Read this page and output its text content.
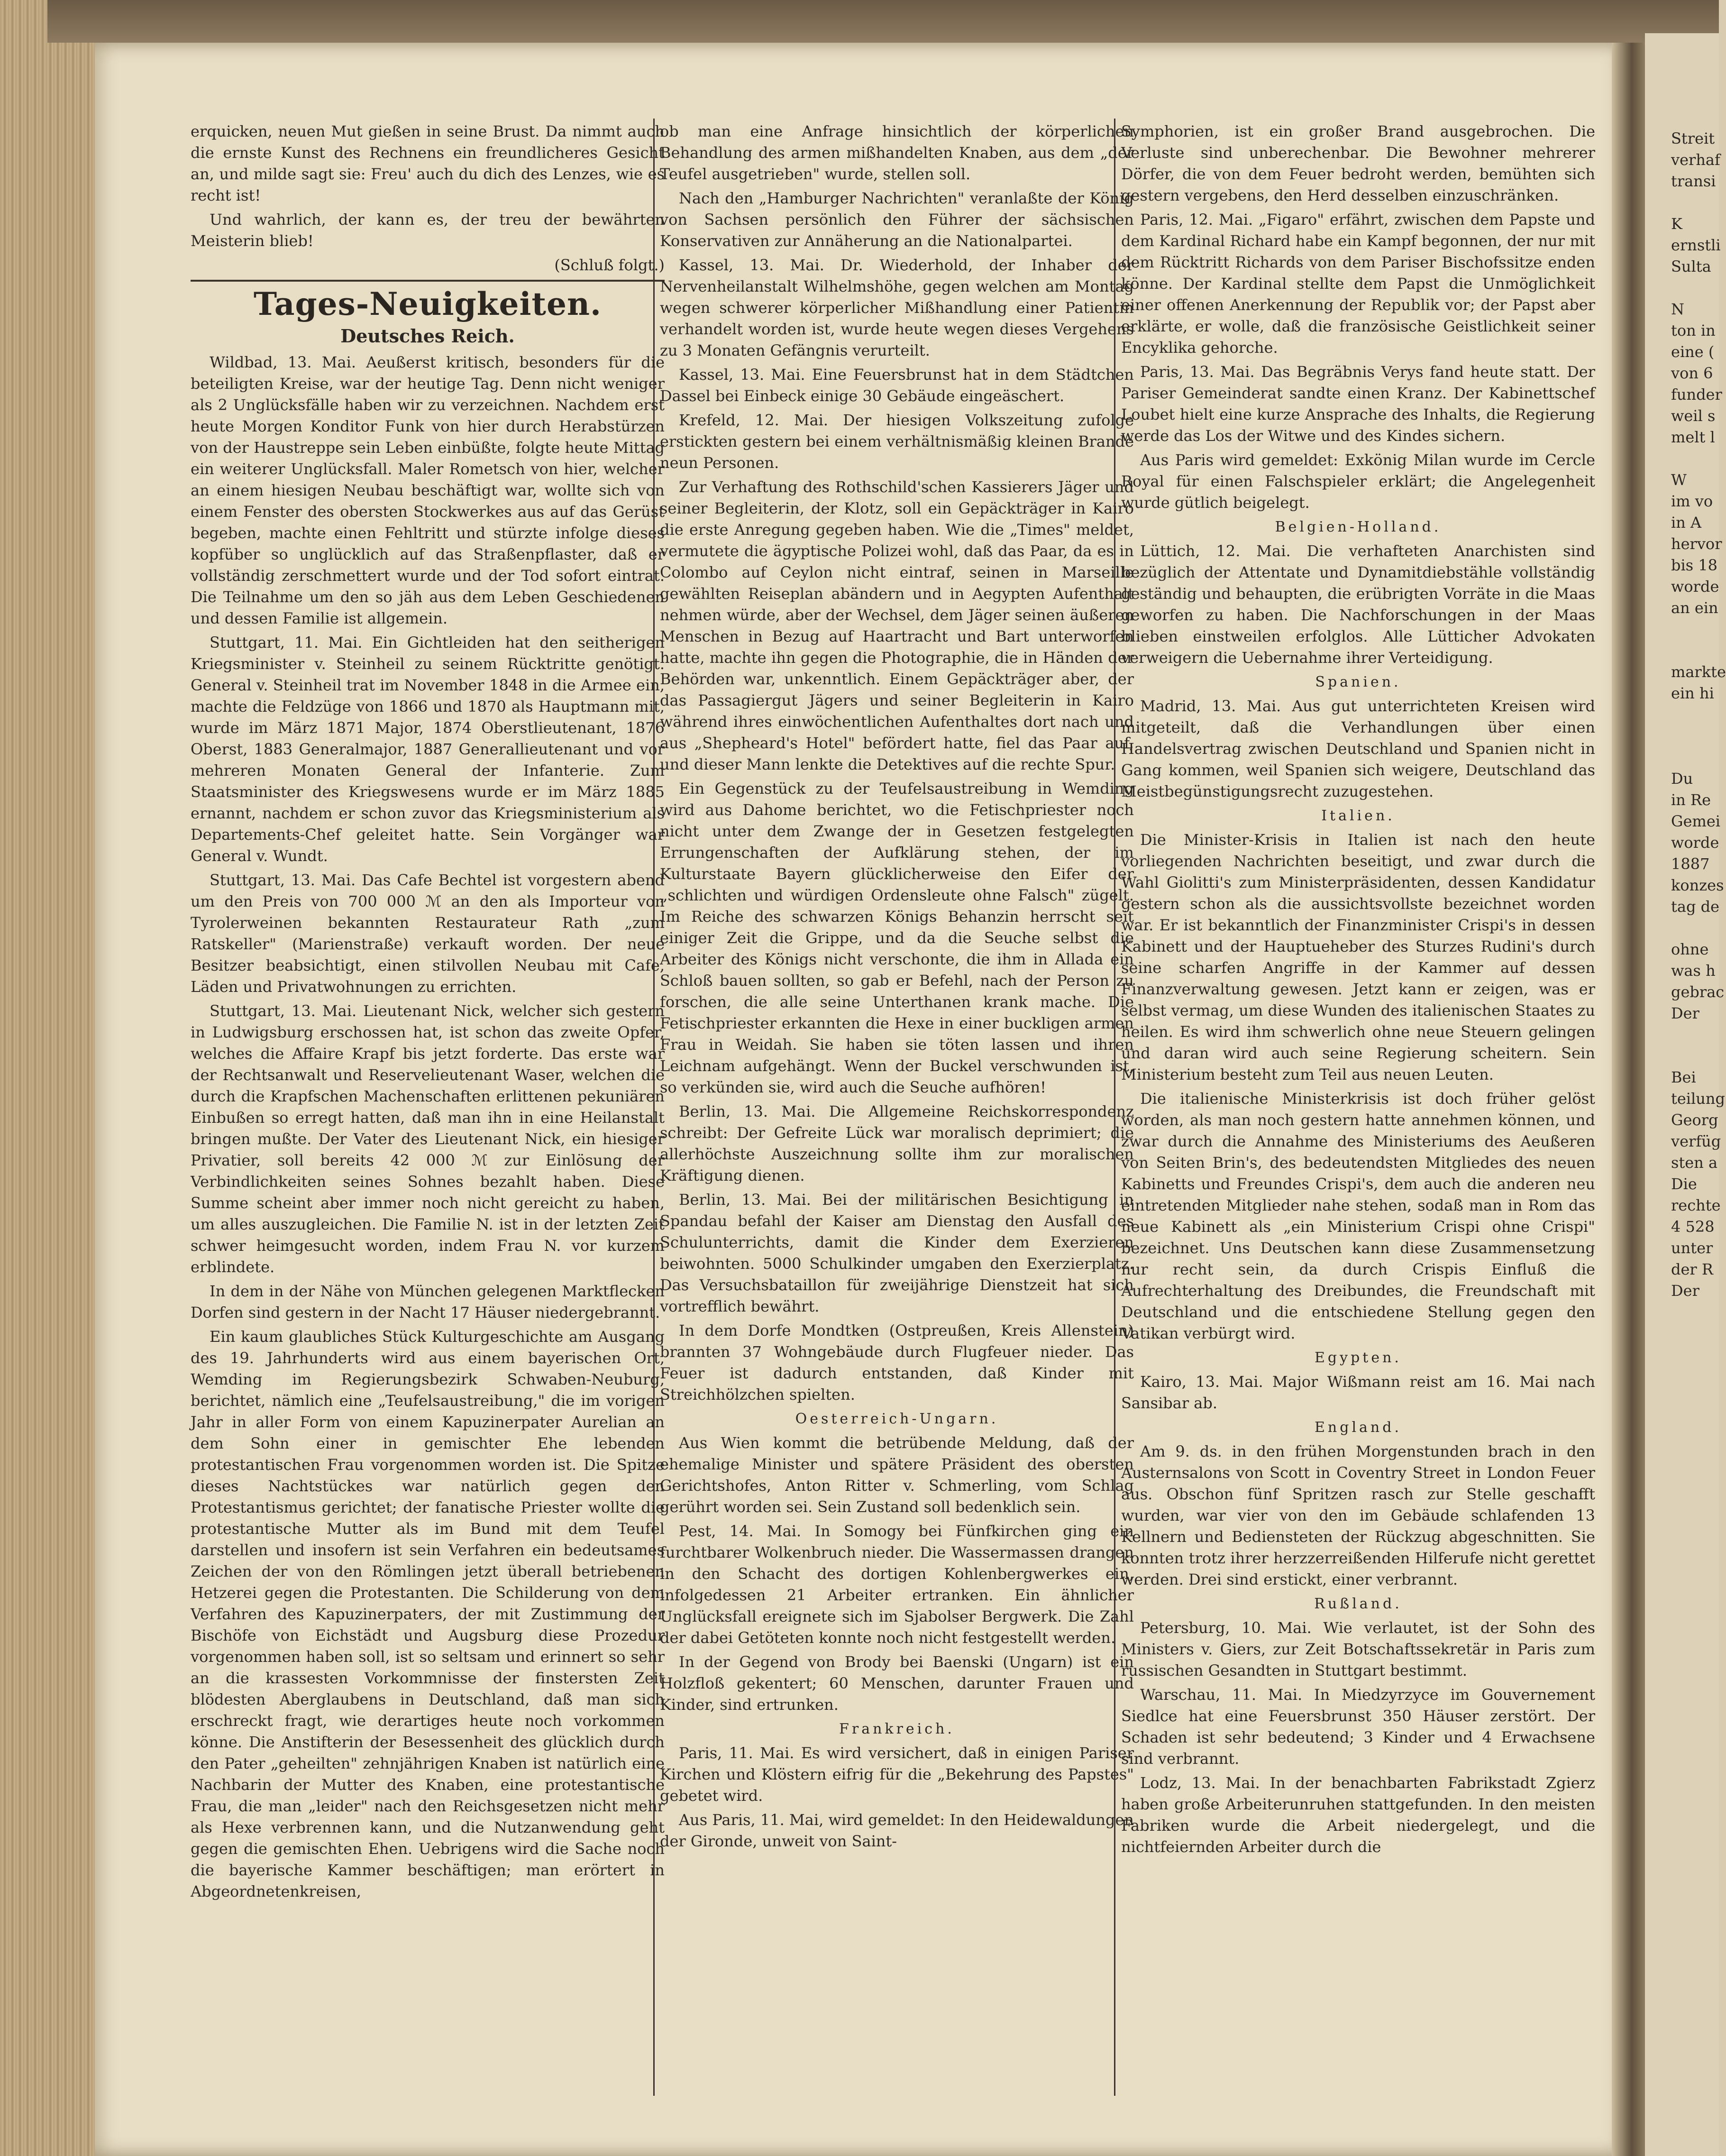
erquicken, neuen Mut gießen in seine Brust. Da nimmt auch die ernste Kunst des Rechnens ein freundlicheres Gesicht an, und milde sagt sie: Freu' auch du dich des Lenzes, wie es recht ist!

Und wahrlich, der kann es, der treu der bewährten Meisterin blieb!

(Schluß folgt.)

Tages-Neuigkeiten.
Deutsches Reich.

Wildbad, 13. Mai. Aeußerst kritisch, besonders für die beteiligten Kreise, war der heutige Tag. Denn nicht weniger als 2 Unglücksfälle haben wir zu verzeichnen. Nachdem erst heute Morgen Konditor Funk von hier durch Herabstürzen von der Haustreppe sein Leben einbüßte, folgte heute Mittag ein weiterer Unglücksfall. Maler Rometsch von hier, welcher an einem hiesigen Neubau beschäftigt war, wollte sich von einem Fenster des obersten Stockwerkes aus auf das Gerüst begeben, machte einen Fehltritt und stürzte infolge dieses kopfüber so unglücklich auf das Straßenpflaster, daß er vollständig zerschmettert wurde und der Tod sofort eintrat. Die Teilnahme um den so jäh aus dem Leben Geschiedenen und dessen Familie ist allgemein.

Stuttgart, 11. Mai. Ein Gichtleiden hat den seitherigen Kriegsminister v. Steinheil zu seinem Rücktritte genötigt. General v. Steinheil trat im November 1848 in die Armee ein, machte die Feldzüge von 1866 und 1870 als Hauptmann mit, wurde im März 1871 Major, 1874 Oberstlieutenant, 1876 Oberst, 1883 Generalmajor, 1887 Generallieutenant und vor mehreren Monaten General der Infanterie. Zum Staatsminister des Kriegswesens wurde er im März 1885 ernannt, nachdem er schon zuvor das Kriegsministerium als Departements-Chef geleitet hatte. Sein Vorgänger war General v. Wundt.

Stuttgart, 13. Mai. Das Cafe Bechtel ist vorgestern abend um den Preis von 700 000 ℳ an den als Importeur von Tyrolerweinen bekannten Restaurateur Rath „zum Ratskeller" (Marienstraße) verkauft worden. Der neue Besitzer beabsichtigt, einen stilvollen Neubau mit Cafe, Läden und Privatwohnungen zu errichten.

Stuttgart, 13. Mai. Lieutenant Nick, welcher sich gestern in Ludwigsburg erschossen hat, ist schon das zweite Opfer, welches die Affaire Krapf bis jetzt forderte. Das erste war der Rechtsanwalt und Reservelieutenant Waser, welchen die durch die Krapfschen Machenschaften erlittenen pekuniären Einbußen so erregt hatten, daß man ihn in eine Heilanstalt bringen mußte. Der Vater des Lieutenant Nick, ein hiesiger Privatier, soll bereits 42 000 ℳ zur Einlösung der Verbindlichkeiten seines Sohnes bezahlt haben. Diese Summe scheint aber immer noch nicht gereicht zu haben, um alles auszugleichen. Die Familie N. ist in der letzten Zeit schwer heimgesucht worden, indem Frau N. vor kurzem erblindete.

In dem in der Nähe von München gelegenen Marktflecken Dorfen sind gestern in der Nacht 17 Häuser niedergebrannt.

Ein kaum glaubliches Stück Kulturgeschichte am Ausgang des 19. Jahrhunderts wird aus einem bayerischen Ort, Wemding im Regierungsbezirk Schwaben-Neuburg, berichtet, nämlich eine „Teufelsaustreibung," die im vorigen Jahr in aller Form von einem Kapuzinerpater Aurelian an dem Sohn einer in gemischter Ehe lebenden protestantischen Frau vorgenommen worden ist. Die Spitze dieses Nachtstückes war natürlich gegen den Protestantismus gerichtet; der fanatische Priester wollte die protestantische Mutter als im Bund mit dem Teufel darstellen und insofern ist sein Verfahren ein bedeutsames Zeichen der von den Römlingen jetzt überall betriebenen Hetzerei gegen die Protestanten. Die Schilderung von dem Verfahren des Kapuzinerpaters, der mit Zustimmung der Bischöfe von Eichstädt und Augsburg diese Prozedur vorgenommen haben soll, ist so seltsam und erinnert so sehr an die krassesten Vorkommnisse der finstersten Zeit blödesten Aberglaubens in Deutschland, daß man sich erschreckt fragt, wie derartiges heute noch vorkommen könne. Die Anstifterin der Besessenheit des glücklich durch den Pater „geheilten" zehnjährigen Knaben ist natürlich eine Nachbarin der Mutter des Knaben, eine protestantische Frau, die man „leider" nach den Reichsgesetzen nicht mehr als Hexe verbrennen kann, und die Nutzanwendung geht gegen die gemischten Ehen. Uebrigens wird die Sache noch die bayerische Kammer beschäftigen; man erörtert in Abgeordnetenkreisen,

ob man eine Anfrage hinsichtlich der körperlichen Behandlung des armen mißhandelten Knaben, aus dem „der Teufel ausgetrieben" wurde, stellen soll.

Nach den „Hamburger Nachrichten" veranlaßte der König von Sachsen persönlich den Führer der sächsischen Konservativen zur Annäherung an die Nationalpartei.

Kassel, 13. Mai. Dr. Wiederhold, der Inhaber der Nervenheilanstalt Wilhelmshöhe, gegen welchen am Montag wegen schwerer körperlicher Mißhandlung einer Patientin verhandelt worden ist, wurde heute wegen dieses Vergehens zu 3 Monaten Gefängnis verurteilt.

Kassel, 13. Mai. Eine Feuersbrunst hat in dem Städtchen Dassel bei Einbeck einige 30 Gebäude eingeäschert.

Krefeld, 12. Mai. Der hiesigen Volkszeitung zufolge erstickten gestern bei einem verhältnismäßig kleinen Brande neun Personen.

Zur Verhaftung des Rothschild'schen Kassierers Jäger und seiner Begleiterin, der Klotz, soll ein Gepäckträger in Kairo die erste Anregung gegeben haben. Wie die „Times" meldet, vermutete die ägyptische Polizei wohl, daß das Paar, da es in Colombo auf Ceylon nicht eintraf, seinen in Marseille gewählten Reiseplan abändern und in Aegypten Aufenthalt nehmen würde, aber der Wechsel, dem Jäger seinen äußeren Menschen in Bezug auf Haartracht und Bart unterworfen hatte, machte ihn gegen die Photographie, die in Händen der Behörden war, unkenntlich. Einem Gepäckträger aber, der das Passagiergut Jägers und seiner Begleiterin in Kairo während ihres einwöchentlichen Aufenthaltes dort nach und aus „Shepheard's Hotel" befördert hatte, fiel das Paar auf, und dieser Mann lenkte die Detektives auf die rechte Spur.

Ein Gegenstück zu der Teufelsaustreibung in Wemding wird aus Dahome berichtet, wo die Fetischpriester noch nicht unter dem Zwange der in Gesetzen festgelegten Errungenschaften der Aufklärung stehen, der im Kulturstaate Bayern glücklicherweise den Eifer der „schlichten und würdigen Ordensleute ohne Falsch" zügelt. Im Reiche des schwarzen Königs Behanzin herrscht seit einiger Zeit die Grippe, und da die Seuche selbst die Arbeiter des Königs nicht verschonte, die ihm in Allada ein Schloß bauen sollten, so gab er Befehl, nach der Person zu forschen, die alle seine Unterthanen krank mache. Die Fetischpriester erkannten die Hexe in einer buckligen armen Frau in Weidah. Sie haben sie töten lassen und ihren Leichnam aufgehängt. Wenn der Buckel verschwunden ist, so verkünden sie, wird auch die Seuche aufhören!

Berlin, 13. Mai. Die Allgemeine Reichskorrespondenz schreibt: Der Gefreite Lück war moralisch deprimiert; die allerhöchste Auszeichnung sollte ihm zur moralischen Kräftigung dienen.

Berlin, 13. Mai. Bei der militärischen Besichtigung in Spandau befahl der Kaiser am Dienstag den Ausfall des Schulunterrichts, damit die Kinder dem Exerzieren beiwohnten. 5000 Schulkinder umgaben den Exerzierplatz. Das Versuchsbataillon für zweijährige Dienstzeit hat sich vortrefflich bewährt.

In dem Dorfe Mondtken (Ostpreußen, Kreis Allenstein) brannten 37 Wohngebäude durch Flugfeuer nieder. Das Feuer ist dadurch entstanden, daß Kinder mit Streichhölzchen spielten.

Oesterreich-Ungarn.

Aus Wien kommt die betrübende Meldung, daß der ehemalige Minister und spätere Präsident des obersten Gerichtshofes, Anton Ritter v. Schmerling, vom Schlag gerührt worden sei. Sein Zustand soll bedenklich sein.

Pest, 14. Mai. In Somogy bei Fünfkirchen ging ein furchtbarer Wolkenbruch nieder. Die Wassermassen drangen in den Schacht des dortigen Kohlenbergwerkes ein, infolgedessen 21 Arbeiter ertranken. Ein ähnlicher Unglücksfall ereignete sich im Sjabolser Bergwerk. Die Zahl der dabei Getöteten konnte noch nicht festgestellt werden.

In der Gegend von Brody bei Baenski (Ungarn) ist ein Holzfloß gekentert; 60 Menschen, darunter Frauen und Kinder, sind ertrunken.

Frankreich.

Paris, 11. Mai. Es wird versichert, daß in einigen Pariser Kirchen und Klöstern eifrig für die „Bekehrung des Papstes" gebetet wird.

Aus Paris, 11. Mai, wird gemeldet: In den Heidewaldungen der Gironde, unweit von Saint-

Symphorien, ist ein großer Brand ausgebrochen. Die Verluste sind unberechenbar. Die Bewohner mehrerer Dörfer, die von dem Feuer bedroht werden, bemühten sich gestern vergebens, den Herd desselben einzuschränken.

Paris, 12. Mai. „Figaro" erfährt, zwischen dem Papste und dem Kardinal Richard habe ein Kampf begonnen, der nur mit dem Rücktritt Richards von dem Pariser Bischofssitze enden könne. Der Kardinal stellte dem Papst die Unmöglichkeit einer offenen Anerkennung der Republik vor; der Papst aber erklärte, er wolle, daß die französische Geistlichkeit seiner Encyklika gehorche.

Paris, 13. Mai. Das Begräbnis Verys fand heute statt. Der Pariser Gemeinderat sandte einen Kranz. Der Kabinettschef Loubet hielt eine kurze Ansprache des Inhalts, die Regierung werde das Los der Witwe und des Kindes sichern.

Aus Paris wird gemeldet: Exkönig Milan wurde im Cercle Royal für einen Falschspieler erklärt; die Angelegenheit wurde gütlich beigelegt.

Belgien-Holland.

Lüttich, 12. Mai. Die verhafteten Anarchisten sind bezüglich der Attentate und Dynamitdiebstähle vollständig geständig und behaupten, die erübrigten Vorräte in die Maas geworfen zu haben. Die Nachforschungen in der Maas blieben einstweilen erfolglos. Alle Lütticher Advokaten verweigern die Uebernahme ihrer Verteidigung.

Spanien.

Madrid, 13. Mai. Aus gut unterrichteten Kreisen wird mitgeteilt, daß die Verhandlungen über einen Handelsvertrag zwischen Deutschland und Spanien nicht in Gang kommen, weil Spanien sich weigere, Deutschland das Meistbegünstigungsrecht zuzugestehen.

Italien.

Die Minister-Krisis in Italien ist nach den heute vorliegenden Nachrichten beseitigt, und zwar durch die Wahl Giolitti's zum Ministerpräsidenten, dessen Kandidatur gestern schon als die aussichtsvollste bezeichnet worden war. Er ist bekanntlich der Finanzminister Crispi's in dessen Kabinett und der Hauptueheber des Sturzes Rudini's durch seine scharfen Angriffe in der Kammer auf dessen Finanzverwaltung gewesen. Jetzt kann er zeigen, was er selbst vermag, um diese Wunden des italienischen Staates zu heilen. Es wird ihm schwerlich ohne neue Steuern gelingen und daran wird auch seine Regierung scheitern. Sein Ministerium besteht zum Teil aus neuen Leuten.

Die italienische Ministerkrisis ist doch früher gelöst worden, als man noch gestern hatte annehmen können, und zwar durch die Annahme des Ministeriums des Aeußeren von Seiten Brin's, des bedeutendsten Mitgliedes des neuen Kabinetts und Freundes Crispi's, dem auch die anderen neu eintretenden Mitglieder nahe stehen, sodaß man in Rom das neue Kabinett als „ein Ministerium Crispi ohne Crispi" bezeichnet. Uns Deutschen kann diese Zusammensetzung nur recht sein, da durch Crispis Einfluß die Aufrechterhaltung des Dreibundes, die Freundschaft mit Deutschland und die entschiedene Stellung gegen den Vatikan verbürgt wird.

Egypten.

Kairo, 13. Mai. Major Wißmann reist am 16. Mai nach Sansibar ab.

England.

Am 9. ds. in den frühen Morgenstunden brach in den Austernsalons von Scott in Coventry Street in London Feuer aus. Obschon fünf Spritzen rasch zur Stelle geschafft wurden, war vier von den im Gebäude schlafenden 13 Kellnern und Bediensteten der Rückzug abgeschnitten. Sie konnten trotz ihrer herzzerreißenden Hilferufe nicht gerettet werden. Drei sind erstickt, einer verbrannt.

Rußland.

Petersburg, 10. Mai. Wie verlautet, ist der Sohn des Ministers v. Giers, zur Zeit Botschaftssekretär in Paris zum russischen Gesandten in Stuttgart bestimmt.

Warschau, 11. Mai. In Miedzyrzyce im Gouvernement Siedlce hat eine Feuersbrunst 350 Häuser zerstört. Der Schaden ist sehr bedeutend; 3 Kinder und 4 Erwachsene sind verbrannt.

Lodz, 13. Mai. In der benachbarten Fabrikstadt Zgierz haben große Arbeiterunruhen stattgefunden. In den meisten Fabriken wurde die Arbeit niedergelegt, und die nichtfeiernden Arbeiter durch die

Streit
verhaf
transi

K
ernstli
Sulta

N
ton in
eine (
von 6
funder
weil s
melt l

W
im vo
in A
hervor
bis 18
worde
an ein

markte
ein hi

Du
in Re
Gemei
worde
1887
konzes
tag de

ohne
was h
gebrac
Der

Bei
teilung
Georg
verfüg
sten a
Die
rechte
4 528
unter
der R
Der
